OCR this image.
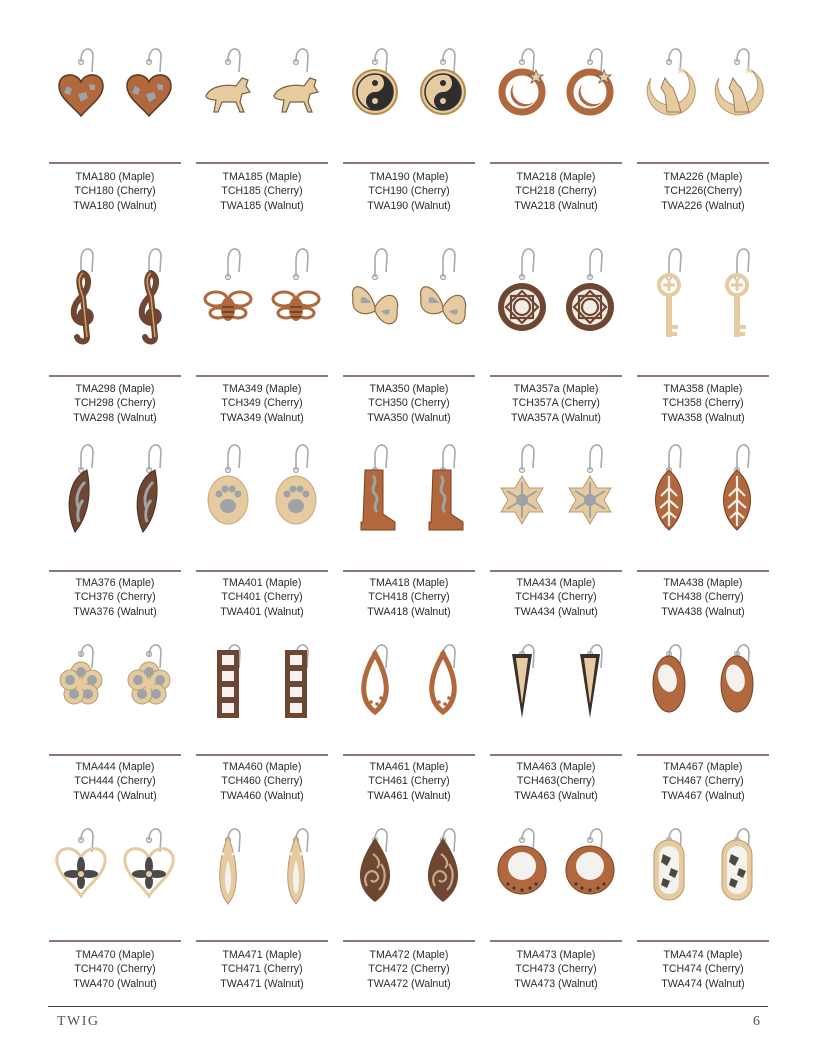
TMA180 (Maple)
TCH180 (Cherry)
TWA180 (Walnut)
TMA185 (Maple)
TCH185 (Cherry)
TWA185 (Walnut)
TMA190 (Maple)
TCH190 (Cherry)
TWA190 (Walnut)
TMA218 (Maple)
TCH218 (Cherry)
TWA218 (Walnut)
TMA226 (Maple)
TCH226(Cherry)
TWA226 (Walnut)
TMA298 (Maple)
TCH298 (Cherry)
TWA298 (Walnut)
TMA349 (Maple)
TCH349 (Cherry)
TWA349 (Walnut)
TMA350 (Maple)
TCH350 (Cherry)
TWA350 (Walnut)
TMA357a (Maple)
TCH357A (Cherry)
TWA357A (Walnut)
TMA358 (Maple)
TCH358 (Cherry)
TWA358 (Walnut)
TMA376 (Maple)
TCH376 (Cherry)
TWA376 (Walnut)
TMA401 (Maple)
TCH401 (Cherry)
TWA401 (Walnut)
TMA418 (Maple)
TCH418 (Cherry)
TWA418 (Walnut)
TMA434 (Maple)
TCH434 (Cherry)
TWA434 (Walnut)
TMA438 (Maple)
TCH438 (Cherry)
TWA438 (Walnut)
TMA444 (Maple)
TCH444 (Cherry)
TWA444 (Walnut)
TMA460 (Maple)
TCH460 (Cherry)
TWA460 (Walnut)
TMA461 (Maple)
TCH461 (Cherry)
TWA461 (Walnut)
TMA463 (Maple)
TCH463(Cherry)
TWA463 (Walnut)
TMA467 (Maple)
TCH467 (Cherry)
TWA467 (Walnut)
TMA470 (Maple)
TCH470 (Cherry)
TWA470 (Walnut)
TMA471 (Maple)
TCH471 (Cherry)
TWA471 (Walnut)
TMA472 (Maple)
TCH472 (Cherry)
TWA472 (Walnut)
TMA473 (Maple)
TCH473 (Cherry)
TWA473 (Walnut)
TMA474 (Maple)
TCH474 (Cherry)
TWA474 (Walnut)
TWIG	6
